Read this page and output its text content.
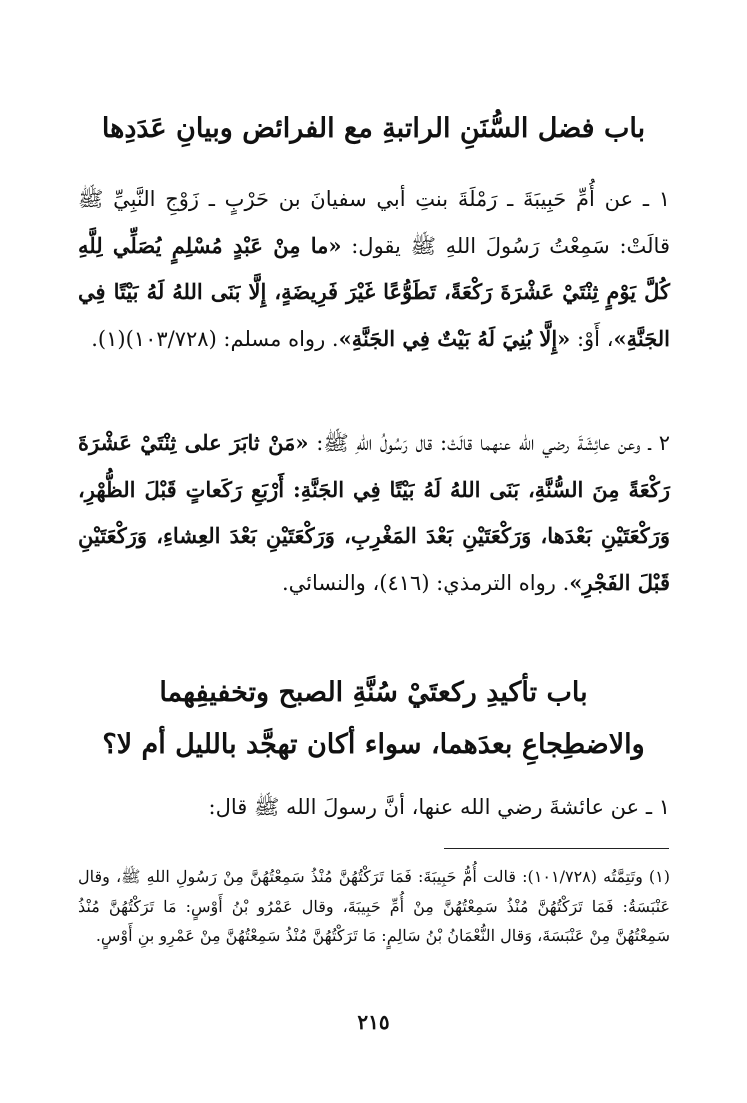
باب فضل السُّنَنِ الراتبةِ مع الفرائض وبيانِ عَدَدِها

١ ـ عن أُمِّ حَبِيبَةَ ـ رَمْلَةَ بنتِ أبي سفيانَ بن حَرْبٍ ـ زَوْجِ النَّبِيِّ ﷺ قالَتْ: سَمِعْتُ رَسُولَ اللهِ ﷺ يقول: «ما مِنْ عَبْدٍ مُسْلِمٍ يُصَلِّي لِلَّهِ كُلَّ يَوْمٍ ثِنْتَيْ عَشْرَةَ رَكْعَةً، تَطَوُّعًا غَيْرَ فَرِيضَةٍ، إِلَّا بَنَى اللهُ لَهُ بَيْتًا فِي الجَنَّةِ»، أَوْ: «إِلَّا بُنِيَ لَهُ بَيْتٌ فِي الجَنَّةِ». رواه مسلم: (١٠٣/٧٢٨)(١).

٢ ـ وعن عائِشَةَ رضي الله عنهما قالَتْ: قال رَسُولُ اللهِ ﷺ: «مَنْ ثابَرَ على ثِنْتَيْ عَشْرَةَ رَكْعَةً مِنَ السُّنَّةِ، بَنَى اللهُ لَهُ بَيْتًا فِي الجَنَّةِ: أَرْبَعِ رَكَعاتٍ قَبْلَ الظُّهْرِ، وَرَكْعَتَيْنِ بَعْدَها، وَرَكْعَتَيْنِ بَعْدَ المَغْرِبِ، وَرَكْعَتَيْنِ بَعْدَ العِشاءِ، وَرَكْعَتَيْنِ قَبْلَ الفَجْرِ». رواه الترمذي: (٤١٦)، والنسائي.

باب تأكيدِ ركعتَيْ سُنَّةِ الصبح وتخفيفِهما
والاضطِجاعِ بعدَهما، سواء أكان تهجَّد بالليل أم لا؟

١ ـ عن عائشةَ رضي الله عنها، أنَّ رسولَ الله ﷺ قال:

(١) وتَتِمَّتُه (١٠١/٧٢٨): قالت أُمُّ حَبِيبَةَ: فَمَا تَرَكْتُهُنَّ مُنْذُ سَمِعْتُهُنَّ مِنْ رَسُولِ اللهِ ﷺ، وقال عَنْبَسَةُ: فَمَا تَرَكْتُهُنَّ مُنْذُ سَمِعْتُهُنَّ مِنْ أُمِّ حَبِيبَةَ، وقال عَمْرُو بْنُ أَوْسٍ: مَا تَرَكْتُهُنَّ مُنْذُ سَمِعْتُهُنَّ مِنْ عَنْبَسَةَ، وَقال النُّعْمَانُ بْنُ سَالِمٍ: مَا تَرَكْتُهُنَّ مُنْذُ سَمِعْتُهُنَّ مِنْ عَمْرِو بنِ أَوْسٍ.

٢١٥
